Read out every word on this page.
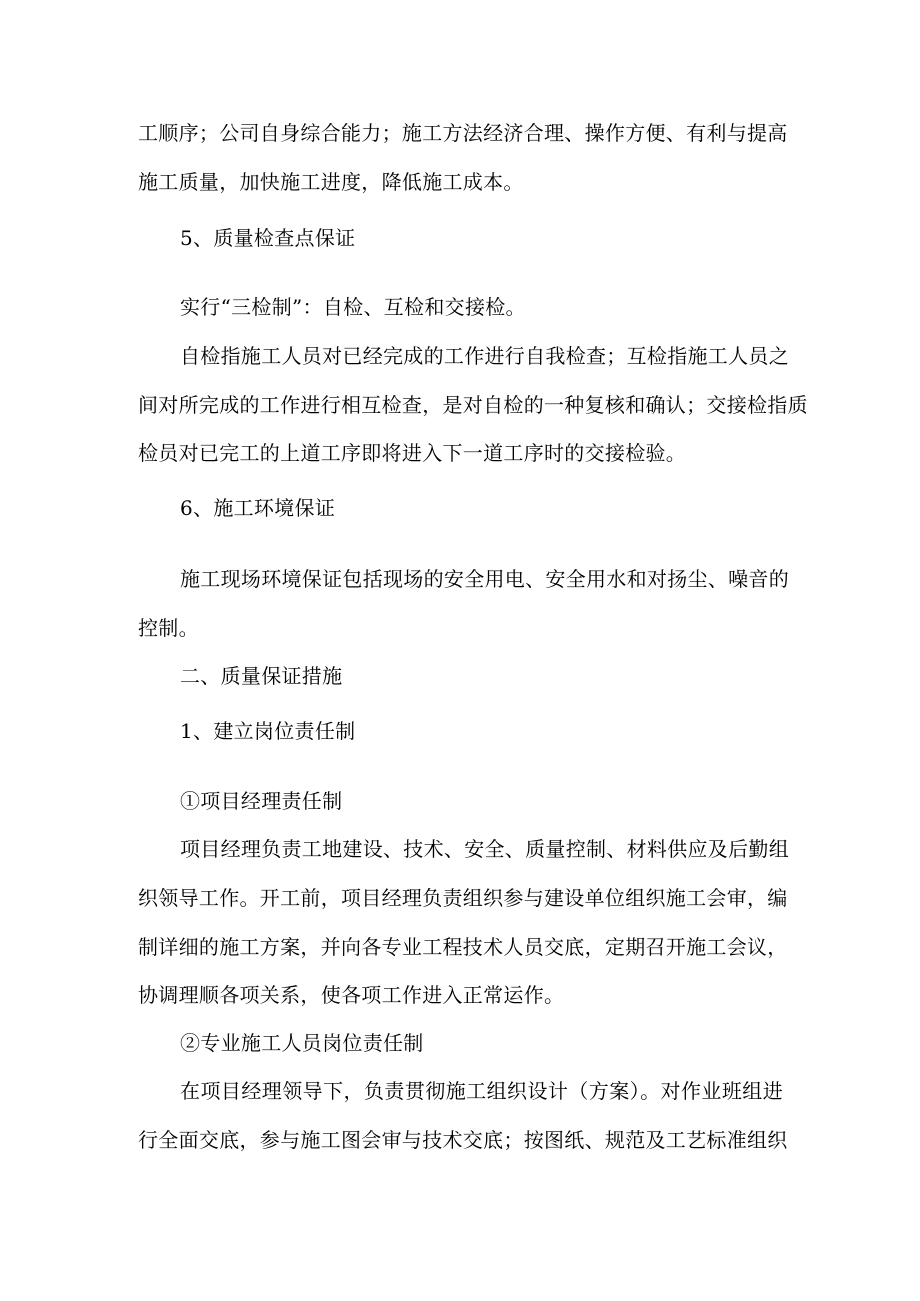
工顺序；公司自身综合能力；施工方法经济合理、操作方便、有利与提高
施工质量，加快施工进度，降低施工成本。
5、质量检查点保证
实行“三检制”：自检、互检和交接检。
自检指施工人员对已经完成的工作进行自我检查；互检指施工人员之
间对所完成的工作进行相互检查，是对自检的一种复核和确认；交接检指质
检员对已完工的上道工序即将进入下一道工序时的交接检验。
6、施工环境保证
施工现场环境保证包括现场的安全用电、安全用水和对扬尘、噪音的
控制。
二、质量保证措施
1、建立岗位责任制
①项目经理责任制
项目经理负责工地建设、技术、安全、质量控制、材料供应及后勤组
织领导工作。开工前，项目经理负责组织参与建设单位组织施工会审，编
制详细的施工方案，并向各专业工程技术人员交底，定期召开施工会议，
协调理顺各项关系，使各项工作进入正常运作。
②专业施工人员岗位责任制
在项目经理领导下，负责贯彻施工组织设计（方案）。对作业班组进
行全面交底，参与施工图会审与技术交底；按图纸、规范及工艺标准组织
